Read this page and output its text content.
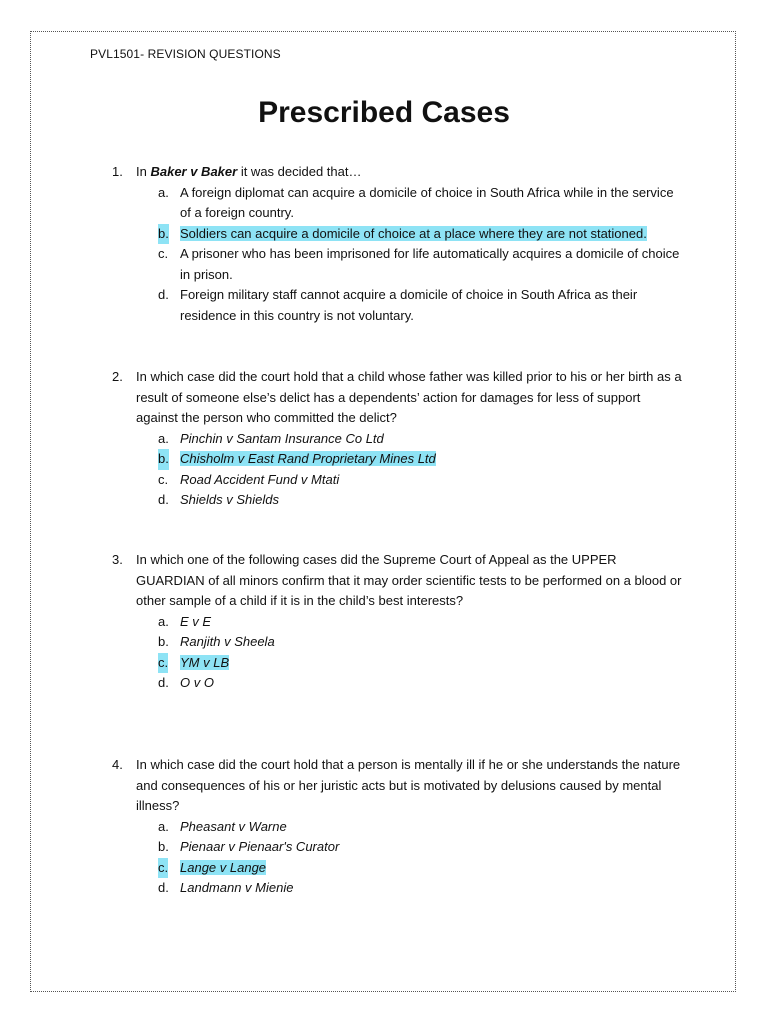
PVL1501- REVISION QUESTIONS
Prescribed Cases
1.	In Baker v Baker it was decided that…
a. A foreign diplomat can acquire a domicile of choice in South Africa while in the service of a foreign country.
b. Soldiers can acquire a domicile of choice at a place where they are not stationed.
c. A prisoner who has been imprisoned for life automatically acquires a domicile of choice in prison.
d. Foreign military staff cannot acquire a domicile of choice in South Africa as their residence in this country is not voluntary.
2.	In which case did the court hold that a child whose father was killed prior to his or her birth as a result of someone else’s delict has a dependents’ action for damages for less of support against the person who committed the delict?
a. Pinchin v Santam Insurance Co Ltd
b. Chisholm v East Rand Proprietary Mines Ltd
c. Road Accident Fund v Mtati
d. Shields v Shields
3.	In which one of the following cases did the Supreme Court of Appeal as the UPPER GUARDIAN of all minors confirm that it may order scientific tests to be performed on a blood or other sample of a child if it is in the child’s best interests?
a. E v E
b. Ranjith v Sheela
c. YM v LB
d. O v O
4.	In which case did the court hold that a person is mentally ill if he or she understands the nature and consequences of his or her juristic acts but is motivated by delusions caused by mental illness?
a. Pheasant v Warne
b. Pienaar v Pienaar's Curator
c. Lange v Lange
d. Landmann v Mienie
